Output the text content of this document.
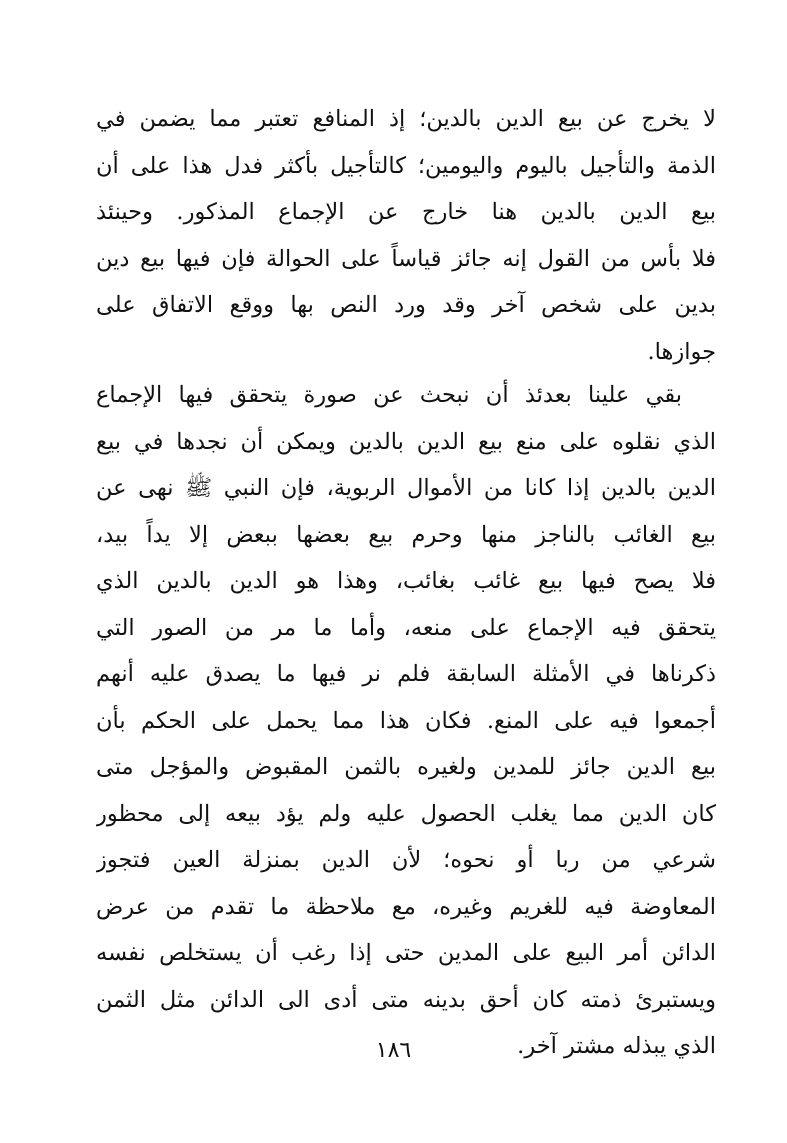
لا يخرج عن بيع الدين بالدين؛ إذ المنافع تعتبر مما يضمن في
الذمة والتأجيل باليوم واليومين؛ كالتأجيل بأكثر فدل هذا على أن
بيع الدين بالدين هنا خارج عن الإجماع المذكور. وحينئذ
فلا بأس من القول إنه جائز قياساً على الحوالة فإن فيها بيع دين
بدين على شخص آخر وقد ورد النص بها ووقع الاتفاق على
جوازها.
بقي علينا بعدئذ أن نبحث عن صورة يتحقق فيها الإجماع
الذي نقلوه على منع بيع الدين بالدين ويمكن أن نجدها في بيع
الدين بالدين إذا كانا من الأموال الربوية، فإن النبي ﷺ نهى عن
بيع الغائب بالناجز منها وحرم بيع بعضها ببعض إلا يداً بيد،
فلا يصح فيها بيع غائب بغائب، وهذا هو الدين بالدين الذي
يتحقق فيه الإجماع على منعه، وأما ما مر من الصور التي
ذكرناها في الأمثلة السابقة فلم نر فيها ما يصدق عليه أنهم
أجمعوا فيه على المنع. فكان هذا مما يحمل على الحكم بأن
بيع الدين جائز للمدين ولغيره بالثمن المقبوض والمؤجل متى
كان الدين مما يغلب الحصول عليه ولم يؤد بيعه إلى محظور
شرعي من ربا أو نحوه؛ لأن الدين بمنزلة العين فتجوز
المعاوضة فيه للغريم وغيره، مع ملاحظة ما تقدم من عرض
الدائن أمر البيع على المدين حتى إذا رغب أن يستخلص نفسه
ويستبرئ ذمته كان أحق بدينه متى أدى الى الدائن مثل الثمن
الذي يبذله مشتر آخر.
١٨٦
